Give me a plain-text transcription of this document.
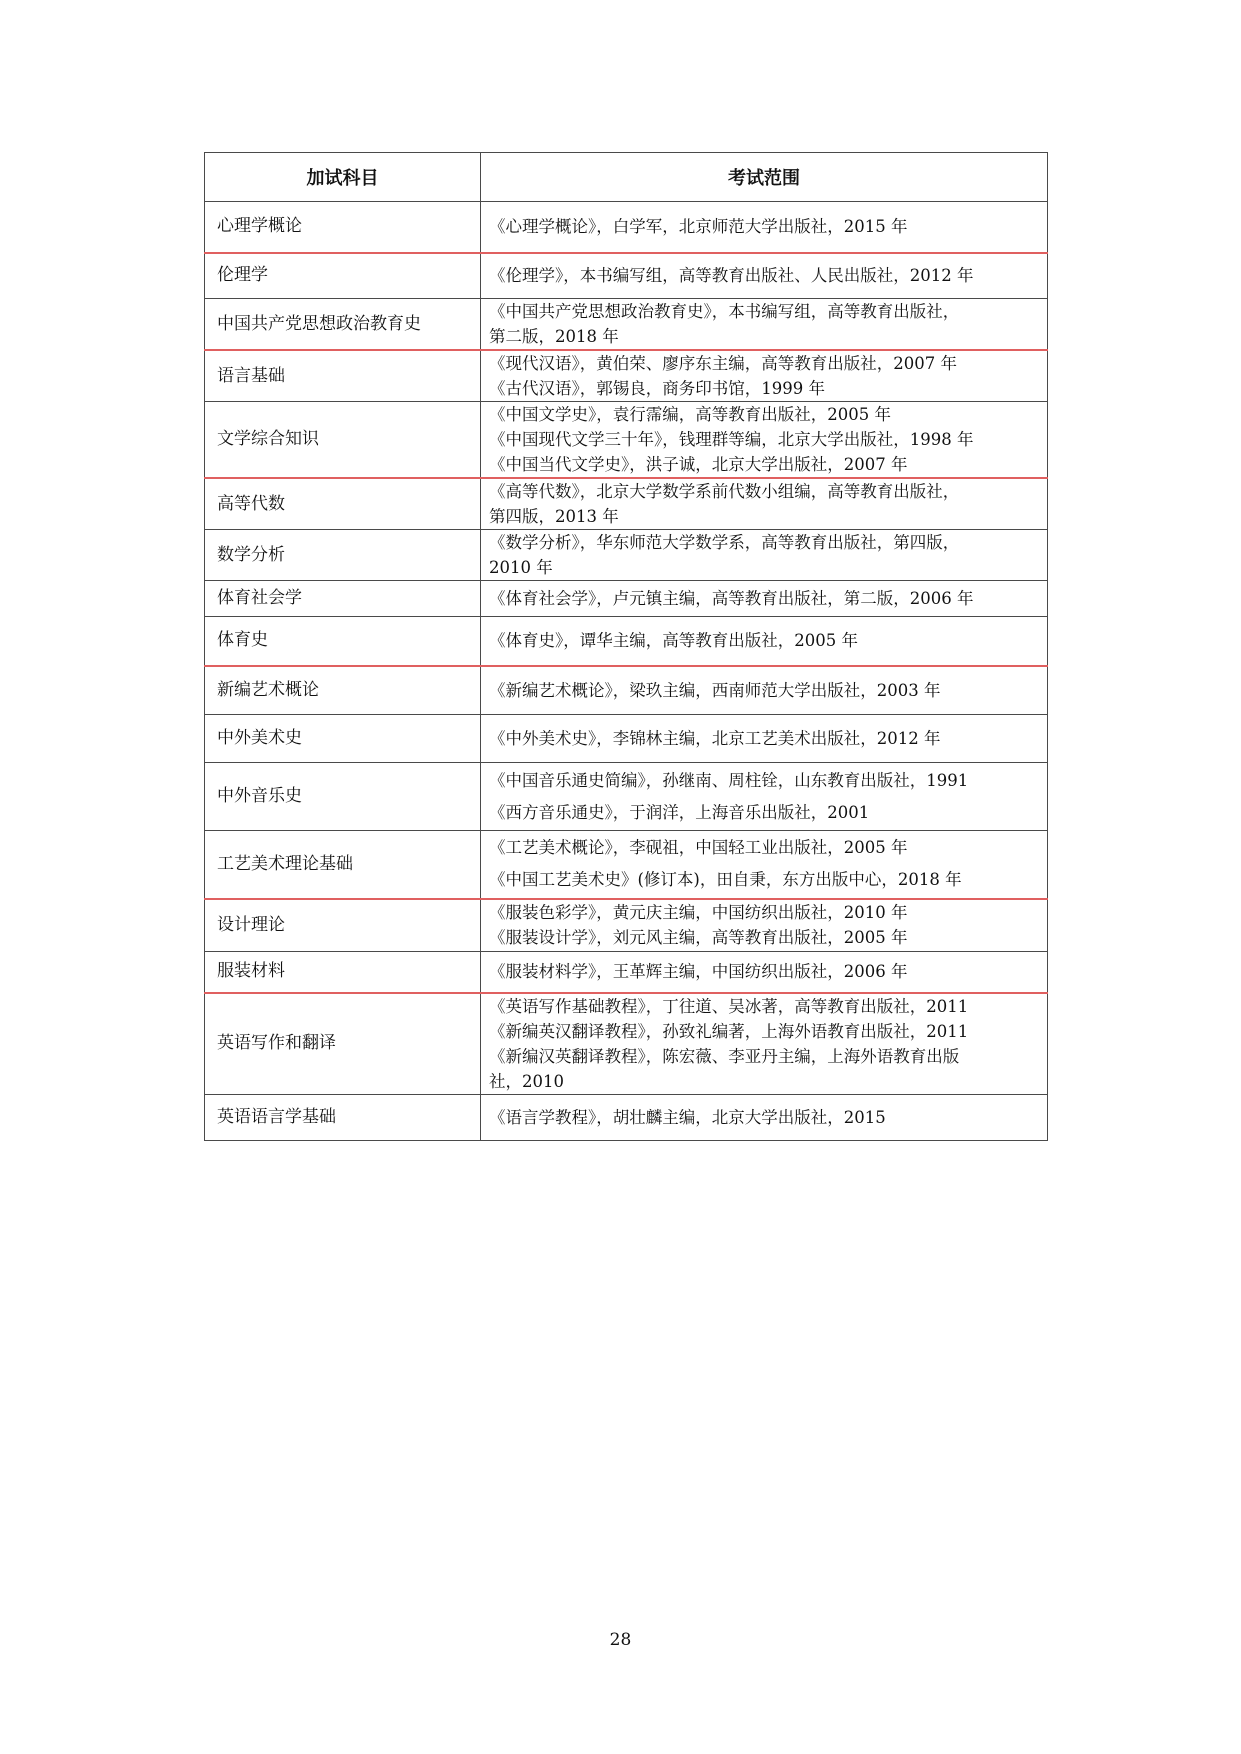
加试科目	考试范围
心理学概论	《心理学概论》，白学军，北京师范大学出版社，2015 年

伦理学	《伦理学》，本书编写组，高等教育出版社、人民出版社，2012 年

中国共产党思想政治教育史	《中国共产党思想政治教育史》，本书编写组，高等教育出版社，
第二版，2018 年

语言基础	《现代汉语》，黄伯荣、廖序东主编，高等教育出版社，2007 年
《古代汉语》，郭锡良，商务印书馆，1999 年

文学综合知识	《中国文学史》，袁行霈编，高等教育出版社，2005 年
《中国现代文学三十年》，钱理群等编，北京大学出版社，1998 年
《中国当代文学史》，洪子诚，北京大学出版社，2007 年

高等代数	《高等代数》，北京大学数学系前代数小组编，高等教育出版社，
第四版，2013 年

数学分析	《数学分析》，华东师范大学数学系，高等教育出版社，第四版，
2010 年

体育社会学	《体育社会学》，卢元镇主编，高等教育出版社，第二版，2006 年

体育史	《体育史》，谭华主编，高等教育出版社，2005 年

新编艺术概论	《新编艺术概论》，梁玖主编，西南师范大学出版社，2003 年

中外美术史	《中外美术史》，李锦林主编，北京工艺美术出版社，2012 年

中外音乐史	《中国音乐通史简编》，孙继南、周柱铨，山东教育出版社，1991
《西方音乐通史》，于润洋，上海音乐出版社，2001

工艺美术理论基础	《工艺美术概论》，李砚祖，中国轻工业出版社，2005 年
《中国工艺美术史》(修订本)，田自秉，东方出版中心，2018 年

设计理论	《服装色彩学》，黄元庆主编，中国纺织出版社，2010 年
《服装设计学》，刘元风主编，高等教育出版社，2005 年

服装材料	《服装材料学》，王革辉主编，中国纺织出版社，2006 年

英语写作和翻译	《英语写作基础教程》，丁往道、吴冰著，高等教育出版社，2011
《新编英汉翻译教程》，孙致礼编著，上海外语教育出版社，2011
《新编汉英翻译教程》，陈宏薇、李亚丹主编，上海外语教育出版
社，2010

英语语言学基础	《语言学教程》，胡壮麟主编，北京大学出版社，2015
28
